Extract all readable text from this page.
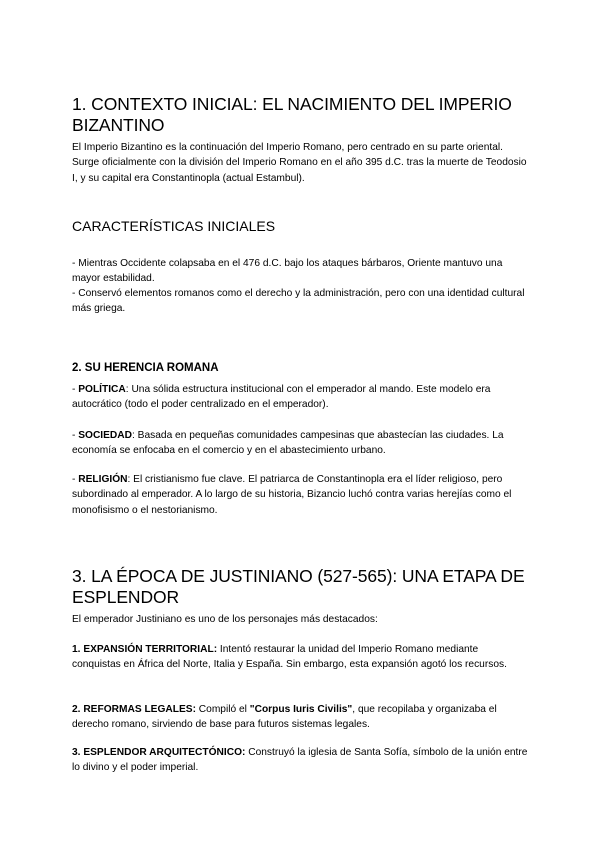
1. CONTEXTO INICIAL: EL NACIMIENTO DEL IMPERIO BIZANTINO

El Imperio Bizantino es la continuación del Imperio Romano, pero centrado en su parte oriental. Surge oficialmente con la división del Imperio Romano en el año 395 d.C. tras la muerte de Teodosio I, y su capital era Constantinopla (actual Estambul).

CARACTERÍSTICAS INICIALES

- Mientras Occidente colapsaba en el 476 d.C. bajo los ataques bárbaros, Oriente mantuvo una mayor estabilidad.

- Conservó elementos romanos como el derecho y la administración, pero con una identidad cultural más griega.

2. SU HERENCIA ROMANA

- POLÍTICA: Una sólida estructura institucional con el emperador al mando. Este modelo era autocrático (todo el poder centralizado en el emperador).

- SOCIEDAD: Basada en pequeñas comunidades campesinas que abastecían las ciudades. La economía se enfocaba en el comercio y en el abastecimiento urbano.

- RELIGIÓN: El cristianismo fue clave. El patriarca de Constantinopla era el líder religioso, pero subordinado al emperador. A lo largo de su historia, Bizancio luchó contra varias herejías como el monofisismo o el nestorianismo.

3. LA ÉPOCA DE JUSTINIANO (527-565): UNA ETAPA DE ESPLENDOR

El emperador Justiniano es uno de los personajes más destacados:

1. EXPANSIÓN TERRITORIAL: Intentó restaurar la unidad del Imperio Romano mediante conquistas en África del Norte, Italia y España. Sin embargo, esta expansión agotó los recursos.

2. REFORMAS LEGALES: Compiló el "Corpus Iuris Civilis", que recopilaba y organizaba el derecho romano, sirviendo de base para futuros sistemas legales.

3. ESPLENDOR ARQUITECTÓNICO: Construyó la iglesia de Santa Sofía, símbolo de la unión entre lo divino y el poder imperial.
